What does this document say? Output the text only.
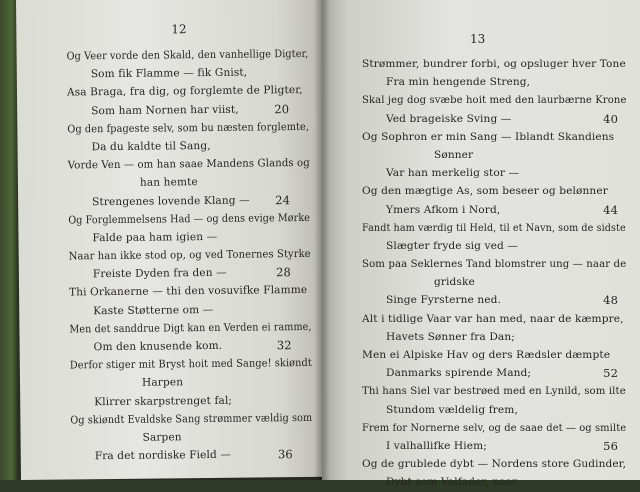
12
Og Veer vorde den Skald, den vanhellige Digter,
Som fik Flamme — fik Gnist,
Asa Braga, fra dig, og forglemte de Pligter,
Som ham Nornen har viist,	20
Og den fpageste selv, som bu næsten forglemte,
Da du kaldte til Sang,
Vorde Ven — om han saae Mandens Glands og
han hemte
Strengenes lovende Klang — 24
Og Forglemmelsens Had — og dens evige Mørke
Falde paa ham igien —
Naar han ikke stod op, og ved Tonernes Styrke
Freiste Dyden fra den —	28
Thi Orkanerne — thi den vosuvifke Flamme
Kaste Støtterne om —
Men det sanddrue Digt kan en Verden ei ramme,
Om den knusende kom.	32
Derfor stiger mit Bryst hoit med Sange! skiøndt
Harpen
Klirrer skarpstrenget fal;
Og skiøndt Evaldske Sang strømmer vældig som
Sarpen
Fra det nordiske Field —	36
13
Strømmer, bundrer forbi, og opsluger hver Tone
Fra min hengende Streng,
Skal jeg dog svæbe hoit med den laurbærne Krone
Ved brageiske Sving —	40
Og Sophron er min Sang — Iblandt Skandiens
Sønner
Var han merkelig stor —
Og den mægtige As, som beseer og belønner
Ymers Afkom i Nord,	44
Fandt ham værdig til Held, til et Navn, som de sidste
Slægter fryde sig ved —
Som paa Seklernes Tand blomstrer ung — naar de
gridske
Singe Fyrsterne ned.	48
Alt i tidlige Vaar var han med, naar de kæmpre,
Havets Sønner fra Dan;
Men ei Alpiske Hav og ders Rædsler dæmpte
Danmarks spirende Mand;	52
Thi hans Siel var bestrøed med en Lynild, som ilte
Stundom vældelig frem,
Frem for Nornerne selv, og de saae det — og smilte
I valhallifke Hiem;	56
Og de grublede dybt — Nordens store Gudinder,
Dybt som Valfader, naar
